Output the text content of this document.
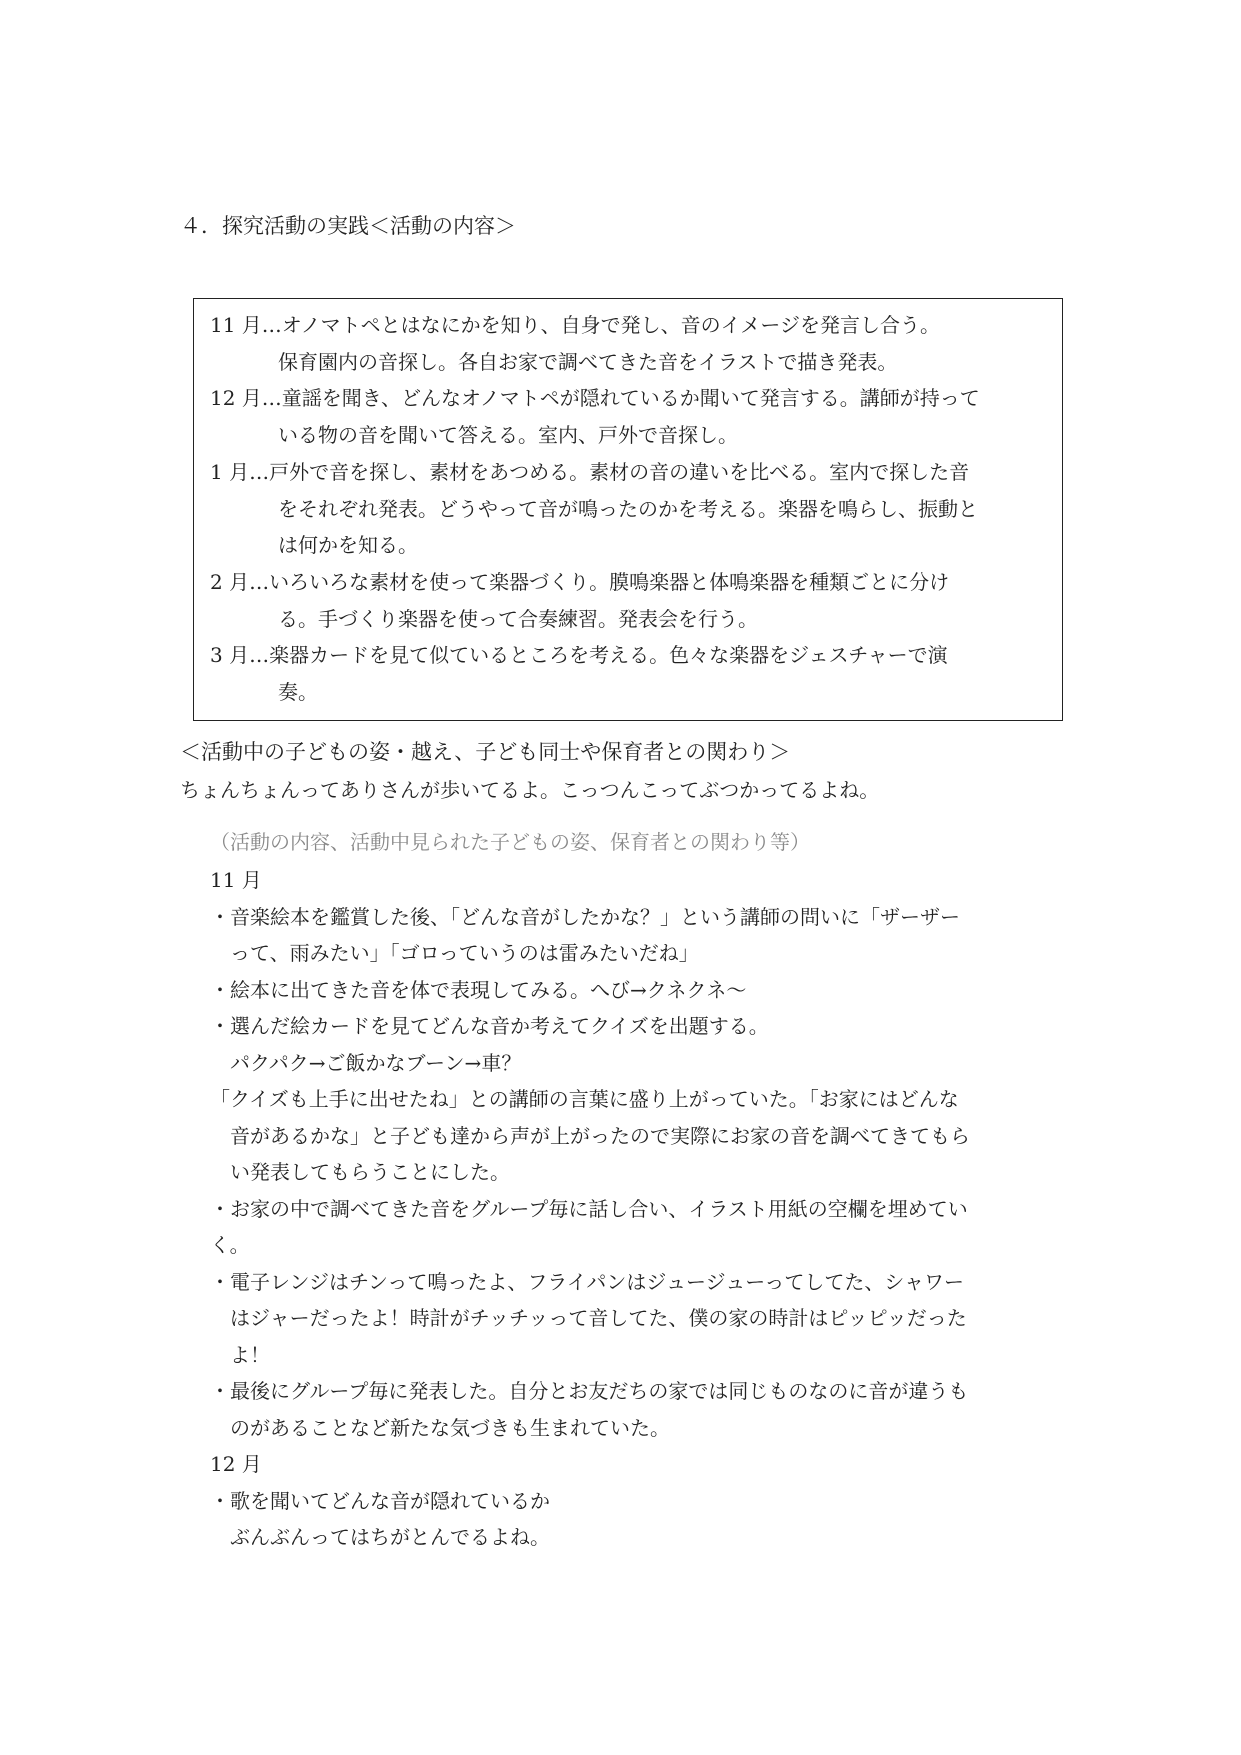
４．探究活動の実践＜活動の内容＞
11 月…オノマトペとはなにかを知り、自身で発し、音のイメージを発言し合う。
保育園内の音探し。各自お家で調べてきた音をイラストで描き発表。
12 月…童謡を聞き、どんなオノマトペが隠れているか聞いて発言する。講師が持って
いる物の音を聞いて答える。室内、戸外で音探し。
1 月…戸外で音を探し、素材をあつめる。素材の音の違いを比べる。室内で探した音
をそれぞれ発表。どうやって音が鳴ったのかを考える。楽器を鳴らし、振動と
は何かを知る。
2 月…いろいろな素材を使って楽器づくり。膜鳴楽器と体鳴楽器を種類ごとに分け
る。手づくり楽器を使って合奏練習。発表会を行う。
3 月…楽器カードを見て似ているところを考える。色々な楽器をジェスチャーで演
奏。
＜活動中の子どもの姿・越え、子ども同士や保育者との関わり＞
ちょんちょんってありさんが歩いてるよ。こっつんこってぶつかってるよね。
（活動の内容、活動中見られた子どもの姿、保育者との関わり等）
11 月
・音楽絵本を鑑賞した後、「どんな音がしたかな？」という講師の問いに「ザーザー
って、雨みたい」「ゴロっていうのは雷みたいだね」
・絵本に出てきた音を体で表現してみる。へび→クネクネ～
・選んだ絵カードを見てどんな音か考えてクイズを出題する。
パクパク→ご飯かなブーン→車？
「クイズも上手に出せたね」との講師の言葉に盛り上がっていた。「お家にはどんな
音があるかな」と子ども達から声が上がったので実際にお家の音を調べてきてもら
い発表してもらうことにした。
・お家の中で調べてきた音をグループ毎に話し合い、イラスト用紙の空欄を埋めてい
く。
・電子レンジはチンって鳴ったよ、フライパンはジュージューってしてた、シャワー
はジャーだったよ！時計がチッチッって音してた、僕の家の時計はピッピッだった
よ！
・最後にグループ毎に発表した。自分とお友だちの家では同じものなのに音が違うも
のがあることなど新たな気づきも生まれていた。
12 月
・歌を聞いてどんな音が隠れているか
ぶんぶんってはちがとんでるよね。
